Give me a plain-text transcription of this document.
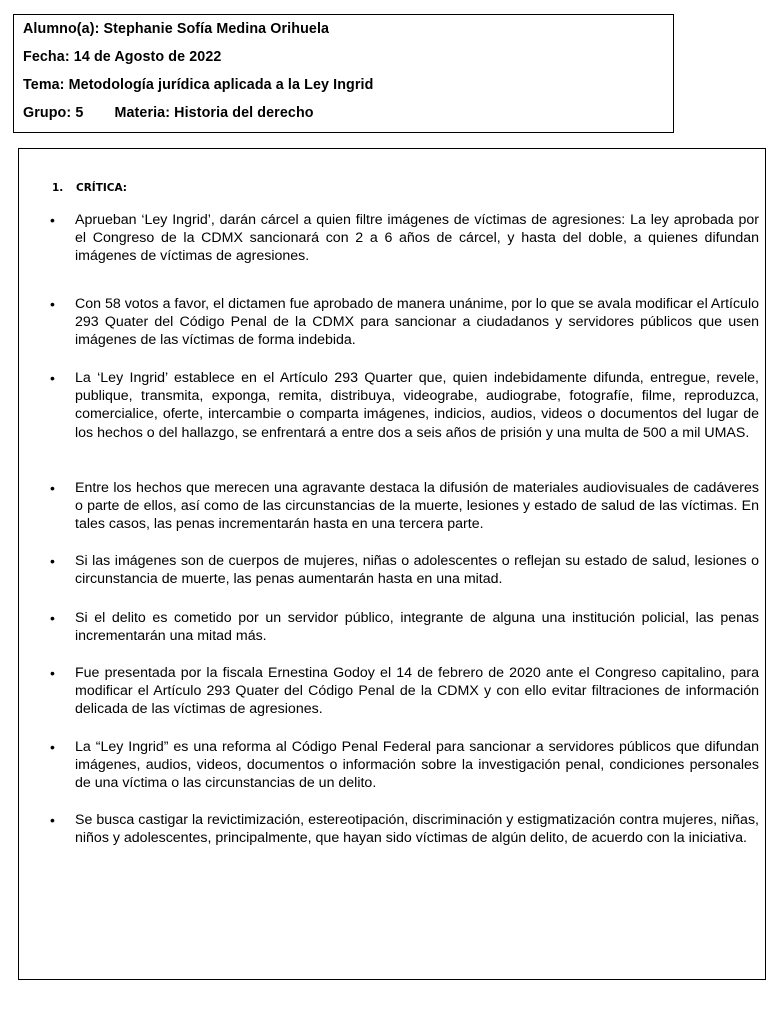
Alumno(a): Stephanie Sofía Medina Orihuela
Fecha: 14 de Agosto de 2022
Tema: Metodología jurídica aplicada a la Ley Ingrid
Grupo: 5 Materia: Historia del derecho
1. CRÍTICA:
• Aprueban ‘Ley Ingrid’, darán cárcel a quien filtre imágenes de víctimas de agresiones: La ley aprobada por el Congreso de la CDMX sancionará con 2 a 6 años de cárcel, y hasta del doble, a quienes difundan imágenes de víctimas de agresiones.
• Con 58 votos a favor, el dictamen fue aprobado de manera unánime, por lo que se avala modificar el Artículo 293 Quater del Código Penal de la CDMX para sancionar a ciudadanos y servidores públicos que usen imágenes de las víctimas de forma indebida.
• La ‘Ley Ingrid’ establece en el Artículo 293 Quarter que, quien indebidamente difunda, entregue, revele, publique, transmita, exponga, remita, distribuya, videograbe, audiograbe, fotografíe, filme, reproduzca, comercialice, oferte, intercambie o comparta imágenes, indicios, audios, videos o documentos del lugar de los hechos o del hallazgo, se enfrentará a entre dos a seis años de prisión y una multa de 500 a mil UMAS.
• Entre los hechos que merecen una agravante destaca la difusión de materiales audiovisuales de cadáveres o parte de ellos, así como de las circunstancias de la muerte, lesiones y estado de salud de las víctimas. En tales casos, las penas incrementarán hasta en una tercera parte.
• Si las imágenes son de cuerpos de mujeres, niñas o adolescentes o reflejan su estado de salud, lesiones o circunstancia de muerte, las penas aumentarán hasta en una mitad.
• Si el delito es cometido por un servidor público, integrante de alguna una institución policial, las penas incrementarán una mitad más.
• Fue presentada por la fiscala Ernestina Godoy el 14 de febrero de 2020 ante el Congreso capitalino, para modificar el Artículo 293 Quater del Código Penal de la CDMX y con ello evitar filtraciones de información delicada de las víctimas de agresiones.
• La “Ley Ingrid” es una reforma al Código Penal Federal para sancionar a servidores públicos que difundan imágenes, audios, videos, documentos o información sobre la investigación penal, condiciones personales de una víctima o las circunstancias de un delito.
• Se busca castigar la revictimización, estereotipación, discriminación y estigmatización contra mujeres, niñas, niños y adolescentes, principalmente, que hayan sido víctimas de algún delito, de acuerdo con la iniciativa.
